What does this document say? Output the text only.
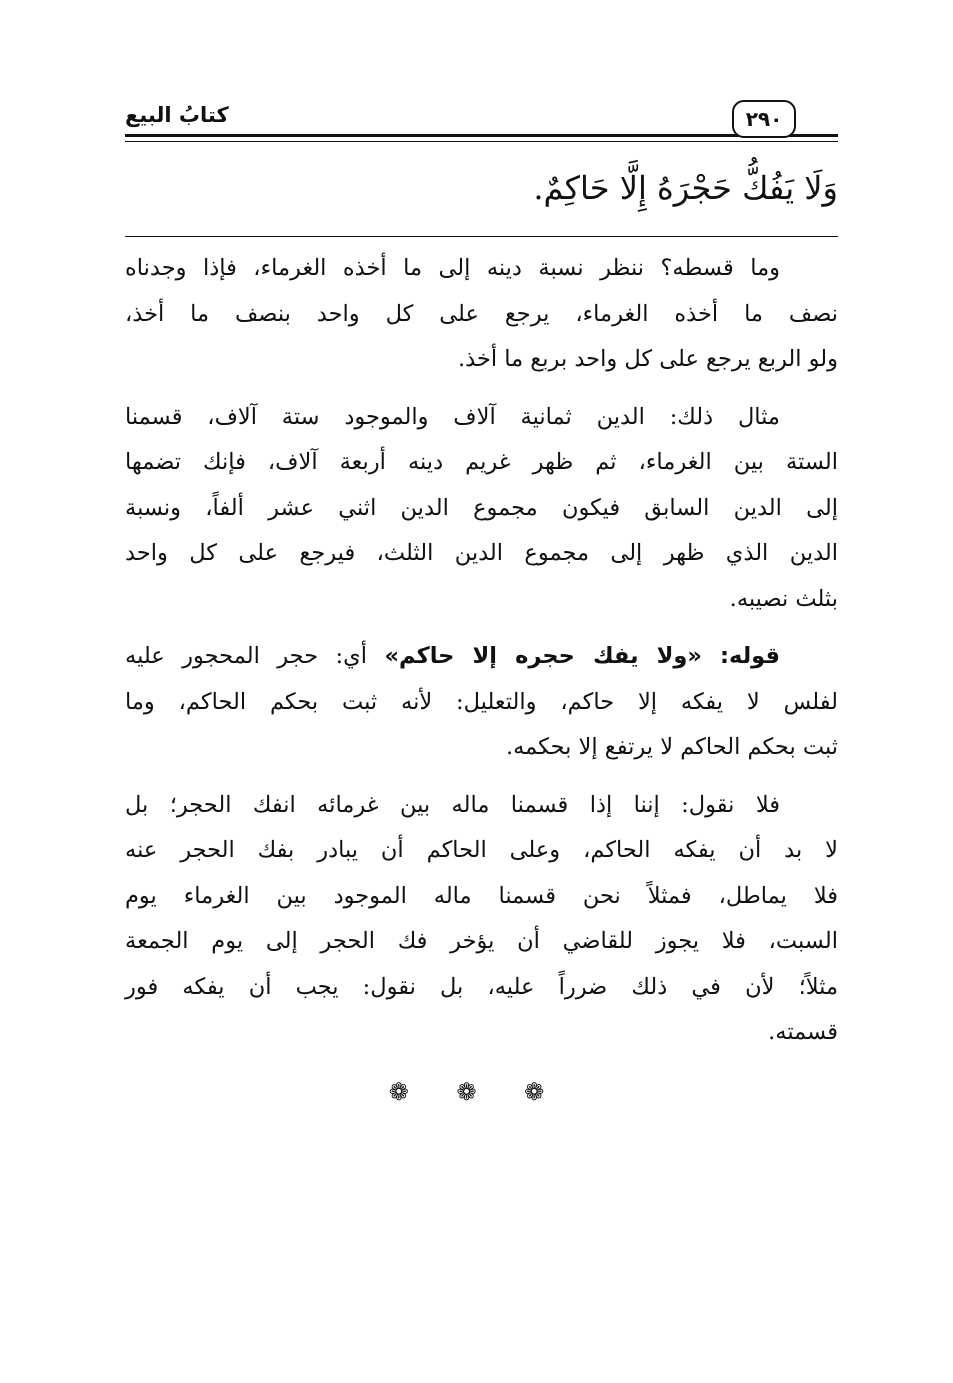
كتابُ البيع	٢٩٠
وَلَا يَفُكُّ حَجْرَهُ إِلَّا حَاكِمٌ.
وما قسطه؟ ننظر نسبة دينه إلى ما أخذه الغرماء، فإذا وجدناه
نصف ما أخذه الغرماء، يرجع على كل واحد بنصف ما أخذ،
ولو الربع يرجع على كل واحد بربع ما أخذ.
مثال ذلك: الدين ثمانية آلاف والموجود ستة آلاف، قسمنا
الستة بين الغرماء، ثم ظهر غريم دينه أربعة آلاف، فإنك تضمها
إلى الدين السابق فيكون مجموع الدين اثني عشر ألفاً، ونسبة
الدين الذي ظهر إلى مجموع الدين الثلث، فيرجع على كل واحد
بثلث نصيبه.
قوله: «ولا يفك حجره إلا حاكم» أي: حجر المحجور عليه
لفلس لا يفكه إلا حاكم، والتعليل: لأنه ثبت بحكم الحاكم، وما
ثبت بحكم الحاكم لا يرتفع إلا بحكمه.
فلا نقول: إننا إذا قسمنا ماله بين غرمائه انفك الحجر؛ بل
لا بد أن يفكه الحاكم، وعلى الحاكم أن يبادر بفك الحجر عنه
فلا يماطل، فمثلاً نحن قسمنا ماله الموجود بين الغرماء يوم
السبت، فلا يجوز للقاضي أن يؤخر فك الحجر إلى يوم الجمعة
مثلاً؛ لأن في ذلك ضرراً عليه، بل نقول: يجب أن يفكه فور
قسمته.
❁ ❁ ❁
